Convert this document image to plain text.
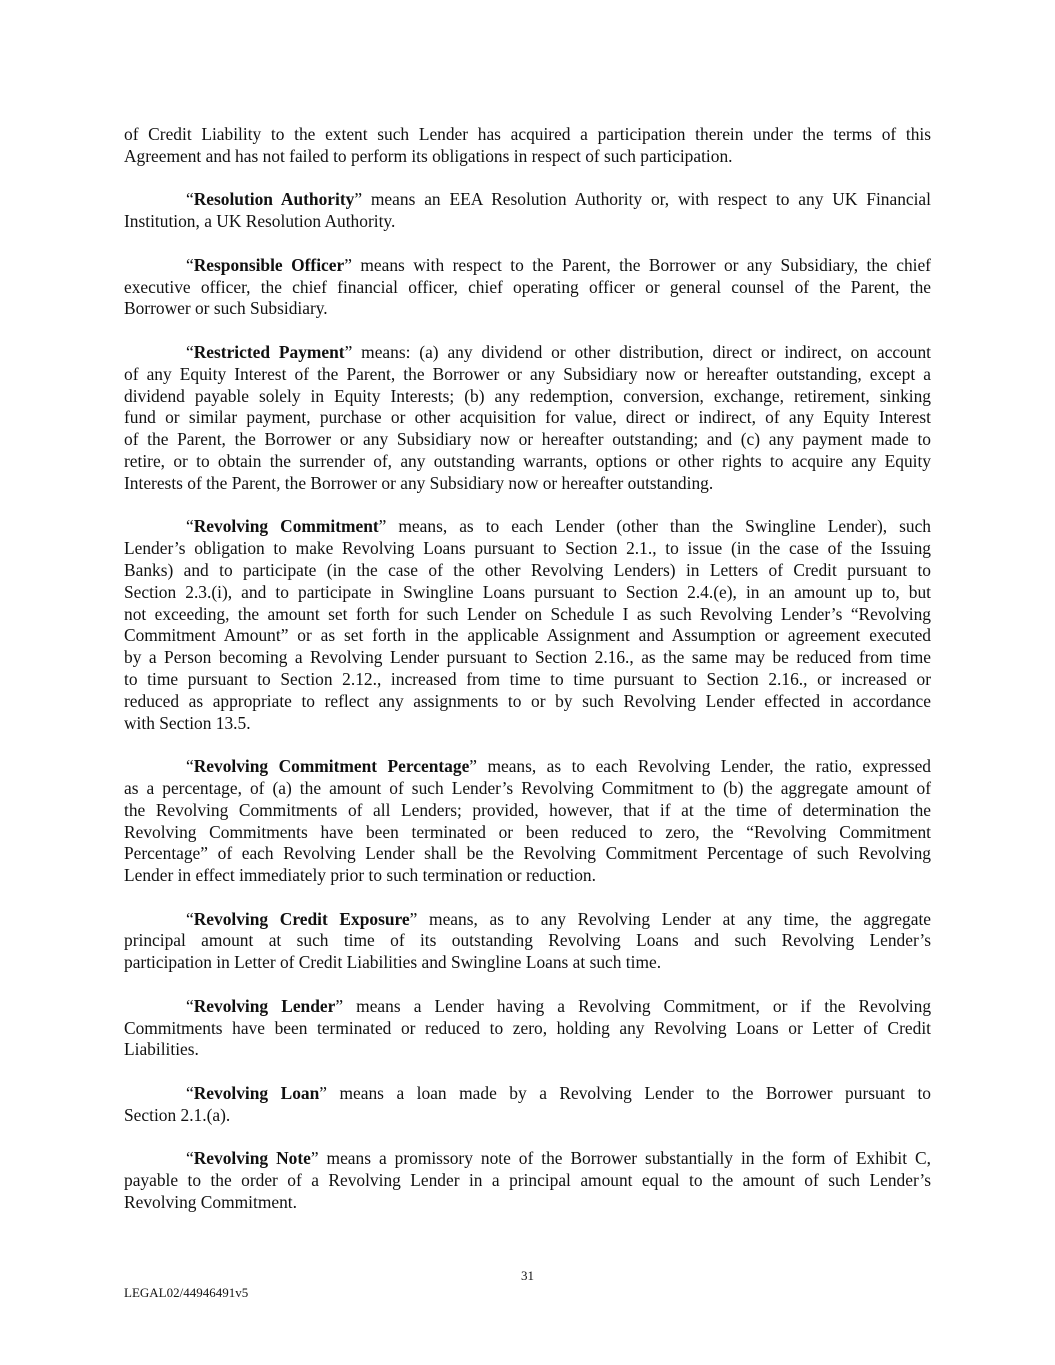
of Credit Liability to the extent such Lender has acquired a participation therein under the terms of this
Agreement and has not failed to perform its obligations in respect of such participation.
“Resolution Authority” means an EEA Resolution Authority or, with respect to any UK Financial
Institution, a UK Resolution Authority.
“Responsible Officer” means with respect to the Parent, the Borrower or any Subsidiary, the chief
executive officer, the chief financial officer, chief operating officer or general counsel of the Parent, the
Borrower or such Subsidiary.
“Restricted Payment” means: (a) any dividend or other distribution, direct or indirect, on account
of any Equity Interest of the Parent, the Borrower or any Subsidiary now or hereafter outstanding, except a
dividend payable solely in Equity Interests; (b) any redemption, conversion, exchange, retirement, sinking
fund or similar payment, purchase or other acquisition for value, direct or indirect, of any Equity Interest
of the Parent, the Borrower or any Subsidiary now or hereafter outstanding; and (c) any payment made to
retire, or to obtain the surrender of, any outstanding warrants, options or other rights to acquire any Equity
Interests of the Parent, the Borrower or any Subsidiary now or hereafter outstanding.
“Revolving Commitment” means, as to each Lender (other than the Swingline Lender), such
Lender’s obligation to make Revolving Loans pursuant to Section 2.1., to issue (in the case of the Issuing
Banks) and to participate (in the case of the other Revolving Lenders) in Letters of Credit pursuant to
Section 2.3.(i), and to participate in Swingline Loans pursuant to Section 2.4.(e), in an amount up to, but
not exceeding, the amount set forth for such Lender on Schedule I as such Revolving Lender’s “Revolving
Commitment Amount” or as set forth in the applicable Assignment and Assumption or agreement executed
by a Person becoming a Revolving Lender pursuant to Section 2.16., as the same may be reduced from time
to time pursuant to Section 2.12., increased from time to time pursuant to Section 2.16., or increased or
reduced as appropriate to reflect any assignments to or by such Revolving Lender effected in accordance
with Section 13.5.
“Revolving Commitment Percentage” means, as to each Revolving Lender, the ratio, expressed
as a percentage, of (a) the amount of such Lender’s Revolving Commitment to (b) the aggregate amount of
the Revolving Commitments of all Lenders; provided, however, that if at the time of determination the
Revolving Commitments have been terminated or been reduced to zero, the “Revolving Commitment
Percentage” of each Revolving Lender shall be the Revolving Commitment Percentage of such Revolving
Lender in effect immediately prior to such termination or reduction.
“Revolving Credit Exposure” means, as to any Revolving Lender at any time, the aggregate
principal amount at such time of its outstanding Revolving Loans and such Revolving Lender’s
participation in Letter of Credit Liabilities and Swingline Loans at such time.
“Revolving Lender” means a Lender having a Revolving Commitment, or if the Revolving
Commitments have been terminated or reduced to zero, holding any Revolving Loans or Letter of Credit
Liabilities.
“Revolving Loan” means a loan made by a Revolving Lender to the Borrower pursuant to
Section 2.1.(a).
“Revolving Note” means a promissory note of the Borrower substantially in the form of Exhibit C,
payable to the order of a Revolving Lender in a principal amount equal to the amount of such Lender’s
Revolving Commitment.
31
LEGAL02/44946491v5
